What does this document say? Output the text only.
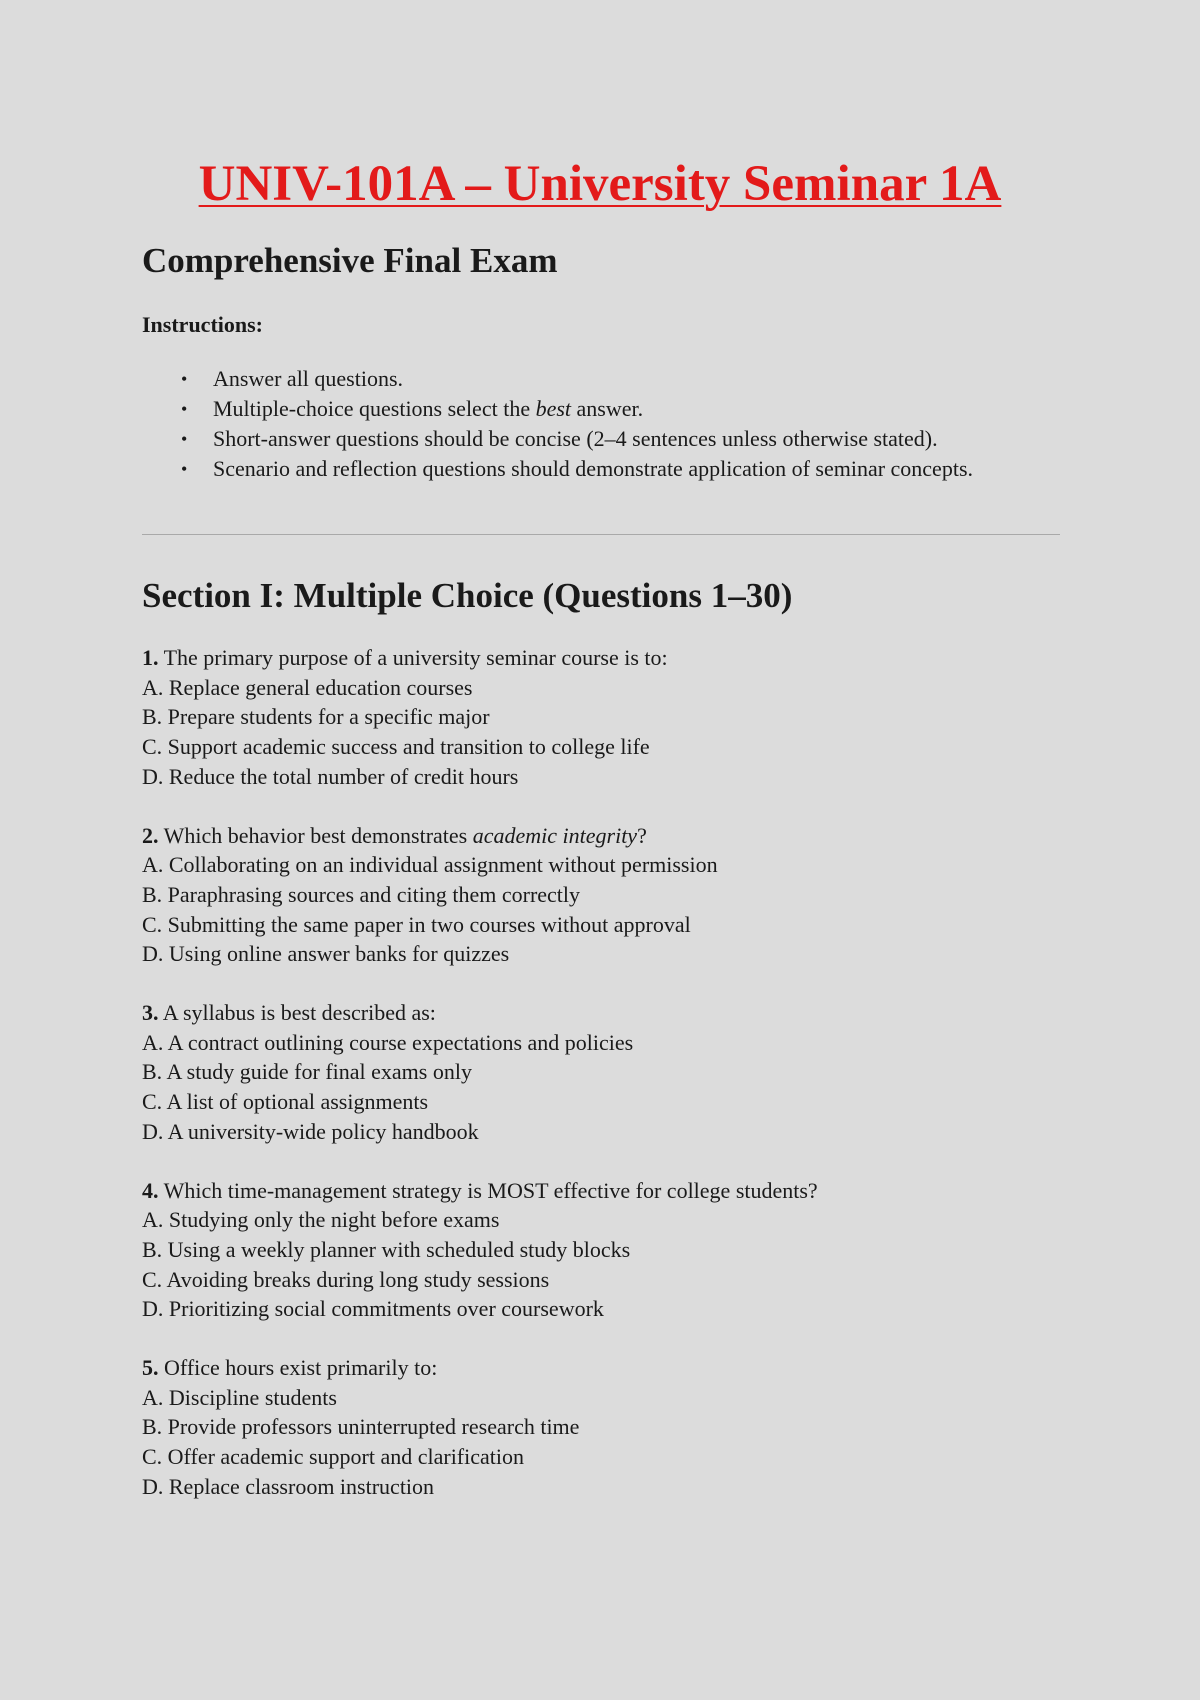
UNIV-101A – University Seminar 1A
Comprehensive Final Exam
Instructions:
• Answer all questions.
• Multiple-choice questions select the best answer.
• Short-answer questions should be concise (2–4 sentences unless otherwise stated).
• Scenario and reflection questions should demonstrate application of seminar concepts.
Section I: Multiple Choice (Questions 1–30)
1. The primary purpose of a university seminar course is to:
A. Replace general education courses
B. Prepare students for a specific major
C. Support academic success and transition to college life
D. Reduce the total number of credit hours
2. Which behavior best demonstrates academic integrity?
A. Collaborating on an individual assignment without permission
B. Paraphrasing sources and citing them correctly
C. Submitting the same paper in two courses without approval
D. Using online answer banks for quizzes
3. A syllabus is best described as:
A. A contract outlining course expectations and policies
B. A study guide for final exams only
C. A list of optional assignments
D. A university-wide policy handbook
4. Which time-management strategy is MOST effective for college students?
A. Studying only the night before exams
B. Using a weekly planner with scheduled study blocks
C. Avoiding breaks during long study sessions
D. Prioritizing social commitments over coursework
5. Office hours exist primarily to:
A. Discipline students
B. Provide professors uninterrupted research time
C. Offer academic support and clarification
D. Replace classroom instruction
